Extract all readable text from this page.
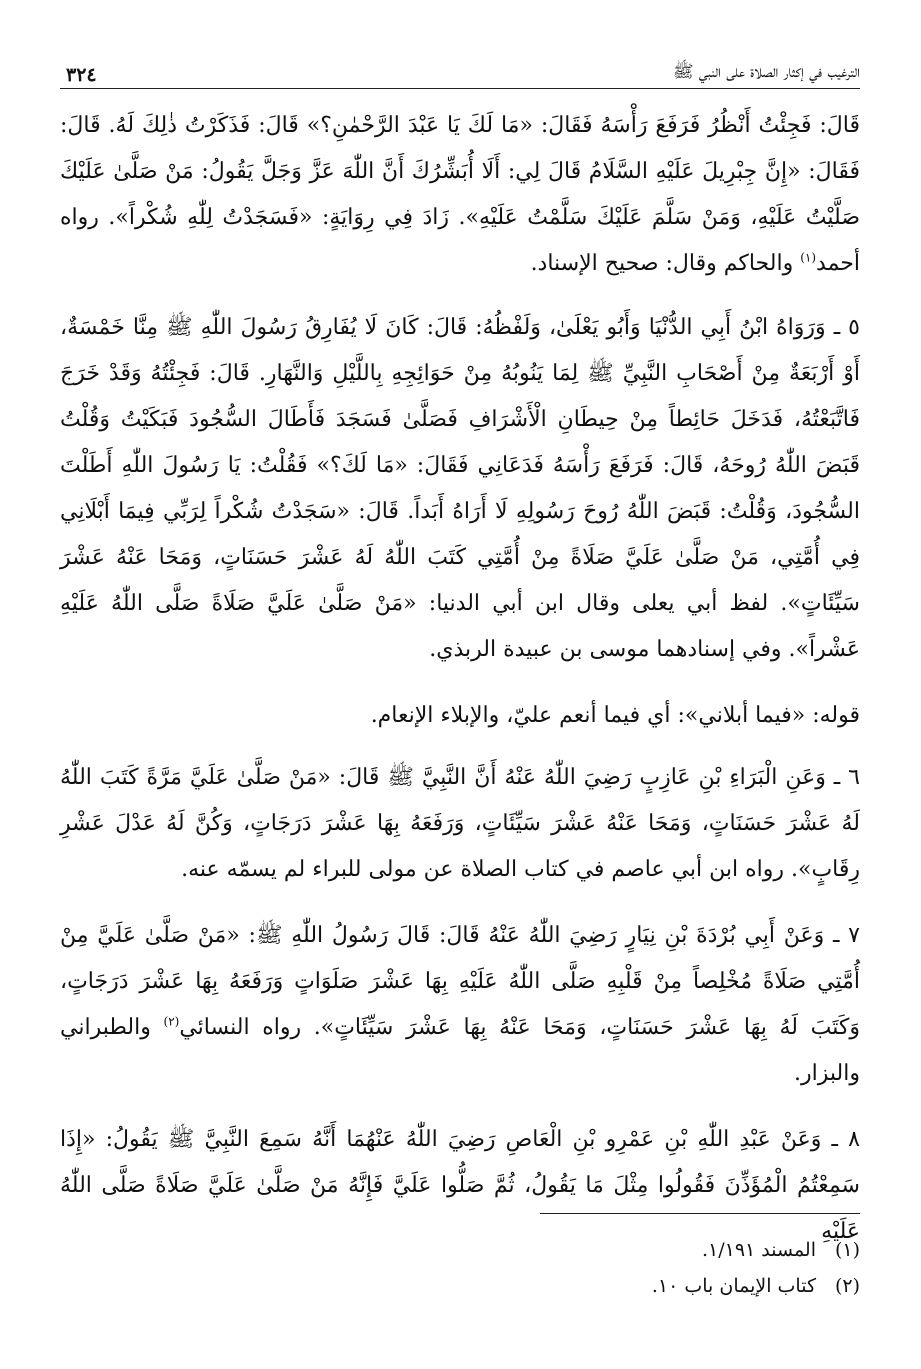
الترغيب في إكثار الصلاة على النبي ﷺ
٣٢٤

قَالَ: فَجِئْتُ أَنْظُرُ فَرَفَعَ رَأْسَهُ فَقَالَ: «مَا لَكَ يَا عَبْدَ الرَّحْمٰنِ؟» قَالَ: فَذَكَرْتُ ذٰلِكَ لَهُ. قَالَ: فَقَالَ: «إِنَّ جِبْرِيلَ عَلَيْهِ السَّلَامُ قَالَ لِي: أَلَا أُبَشِّرُكَ أَنَّ اللّٰهَ عَزَّ وَجَلَّ يَقُولُ: مَنْ صَلَّىٰ عَلَيْكَ صَلَّيْتُ عَلَيْهِ، وَمَنْ سَلَّمَ عَلَيْكَ سَلَّمْتُ عَلَيْهِ». زَادَ فِي رِوَايَةٍ: «فَسَجَدْتُ لِلّٰهِ شُكْراً». رواه أحمد$^{(١)}$ والحاكم وقال: صحيح الإسناد.

٥ ـ وَرَوَاهُ ابْنُ أَبِي الدُّنْيَا وَأَبُو يَعْلَىٰ، وَلَفْظُهُ: قَالَ: كَانَ لَا يُفَارِقُ رَسُولَ اللّٰهِ ﷺ مِنَّا خَمْسَةٌ، أَوْ أَرْبَعَةٌ مِنْ أَصْحَابِ النَّبِيِّ ﷺ لِمَا يَنُوبُهُ مِنْ حَوَائِجِهِ بِاللَّيْلِ وَالنَّهَارِ. قَالَ: فَجِئْتُهُ وَقَدْ خَرَجَ فَاتَّبَعْتُهُ، فَدَخَلَ حَائِطاً مِنْ حِيطَانِ الْأَشْرَافِ فَصَلَّىٰ فَسَجَدَ فَأَطَالَ السُّجُودَ فَبَكَيْتُ وَقُلْتُ قَبَضَ اللّٰهُ رُوحَهُ، قَالَ: فَرَفَعَ رَأْسَهُ فَدَعَانِي فَقَالَ: «مَا لَكَ؟» فَقُلْتُ: يَا رَسُولَ اللّٰهِ أَطَلْتَ السُّجُودَ، وَقُلْتُ: قَبَضَ اللّٰهُ رُوحَ رَسُولِهِ لَا أَرَاهُ أَبَداً. قَالَ: «سَجَدْتُ شُكْراً لِرَبِّي فِيمَا أَبْلَانِي فِي أُمَّتِي، مَنْ صَلَّىٰ عَلَيَّ صَلَاةً مِنْ أُمَّتِي كَتَبَ اللّٰهُ لَهُ عَشْرَ حَسَنَاتٍ، وَمَحَا عَنْهُ عَشْرَ سَيِّئَاتٍ». لفظ أبي يعلى وقال ابن أبي الدنيا: «مَنْ صَلَّىٰ عَلَيَّ صَلَاةً صَلَّى اللّٰهُ عَلَيْهِ عَشْراً». وفي إسنادهما موسى بن عبيدة الربذي.

قوله: «فيما أبلاني»: أي فيما أنعم عليّ، والإبلاء الإنعام.

٦ ـ وَعَنِ الْبَرَاءِ بْنِ عَازِبٍ رَضِيَ اللّٰهُ عَنْهُ أَنَّ النَّبِيَّ ﷺ قَالَ: «مَنْ صَلَّىٰ عَلَيَّ مَرَّةً كَتَبَ اللّٰهُ لَهُ عَشْرَ حَسَنَاتٍ، وَمَحَا عَنْهُ عَشْرَ سَيِّئَاتٍ، وَرَفَعَهُ بِهَا عَشْرَ دَرَجَاتٍ، وَكُنَّ لَهُ عَدْلَ عَشْرِ رِقَابٍ». رواه ابن أبي عاصم في كتاب الصلاة عن مولى للبراء لم يسمّه عنه.

٧ ـ وَعَنْ أَبِي بُرْدَةَ بْنِ نِيَارٍ رَضِيَ اللّٰهُ عَنْهُ قَالَ: قَالَ رَسُولُ اللّٰهِ ﷺ: «مَنْ صَلَّىٰ عَلَيَّ مِنْ أُمَّتِي صَلَاةً مُخْلِصاً مِنْ قَلْبِهِ صَلَّى اللّٰهُ عَلَيْهِ بِهَا عَشْرَ صَلَوَاتٍ وَرَفَعَهُ بِهَا عَشْرَ دَرَجَاتٍ، وَكَتَبَ لَهُ بِهَا عَشْرَ حَسَنَاتٍ، وَمَحَا عَنْهُ بِهَا عَشْرَ سَيِّئَاتٍ». رواه النسائي$^{(٢)}$ والطبراني والبزار.

٨ ـ وَعَنْ عَبْدِ اللّٰهِ بْنِ عَمْرِو بْنِ الْعَاصِ رَضِيَ اللّٰهُ عَنْهُمَا أَنَّهُ سَمِعَ النَّبِيَّ ﷺ يَقُولُ: «إِذَا سَمِعْتُمُ الْمُؤَذِّنَ فَقُولُوا مِثْلَ مَا يَقُولُ، ثُمَّ صَلُّوا عَلَيَّ فَإِنَّهُ مَنْ صَلَّىٰ عَلَيَّ صَلَاةً صَلَّى اللّٰهُ عَلَيْهِ

(١)
المسند ١/١٩١.
(٢)
كتاب الإيمان باب ١٠.
